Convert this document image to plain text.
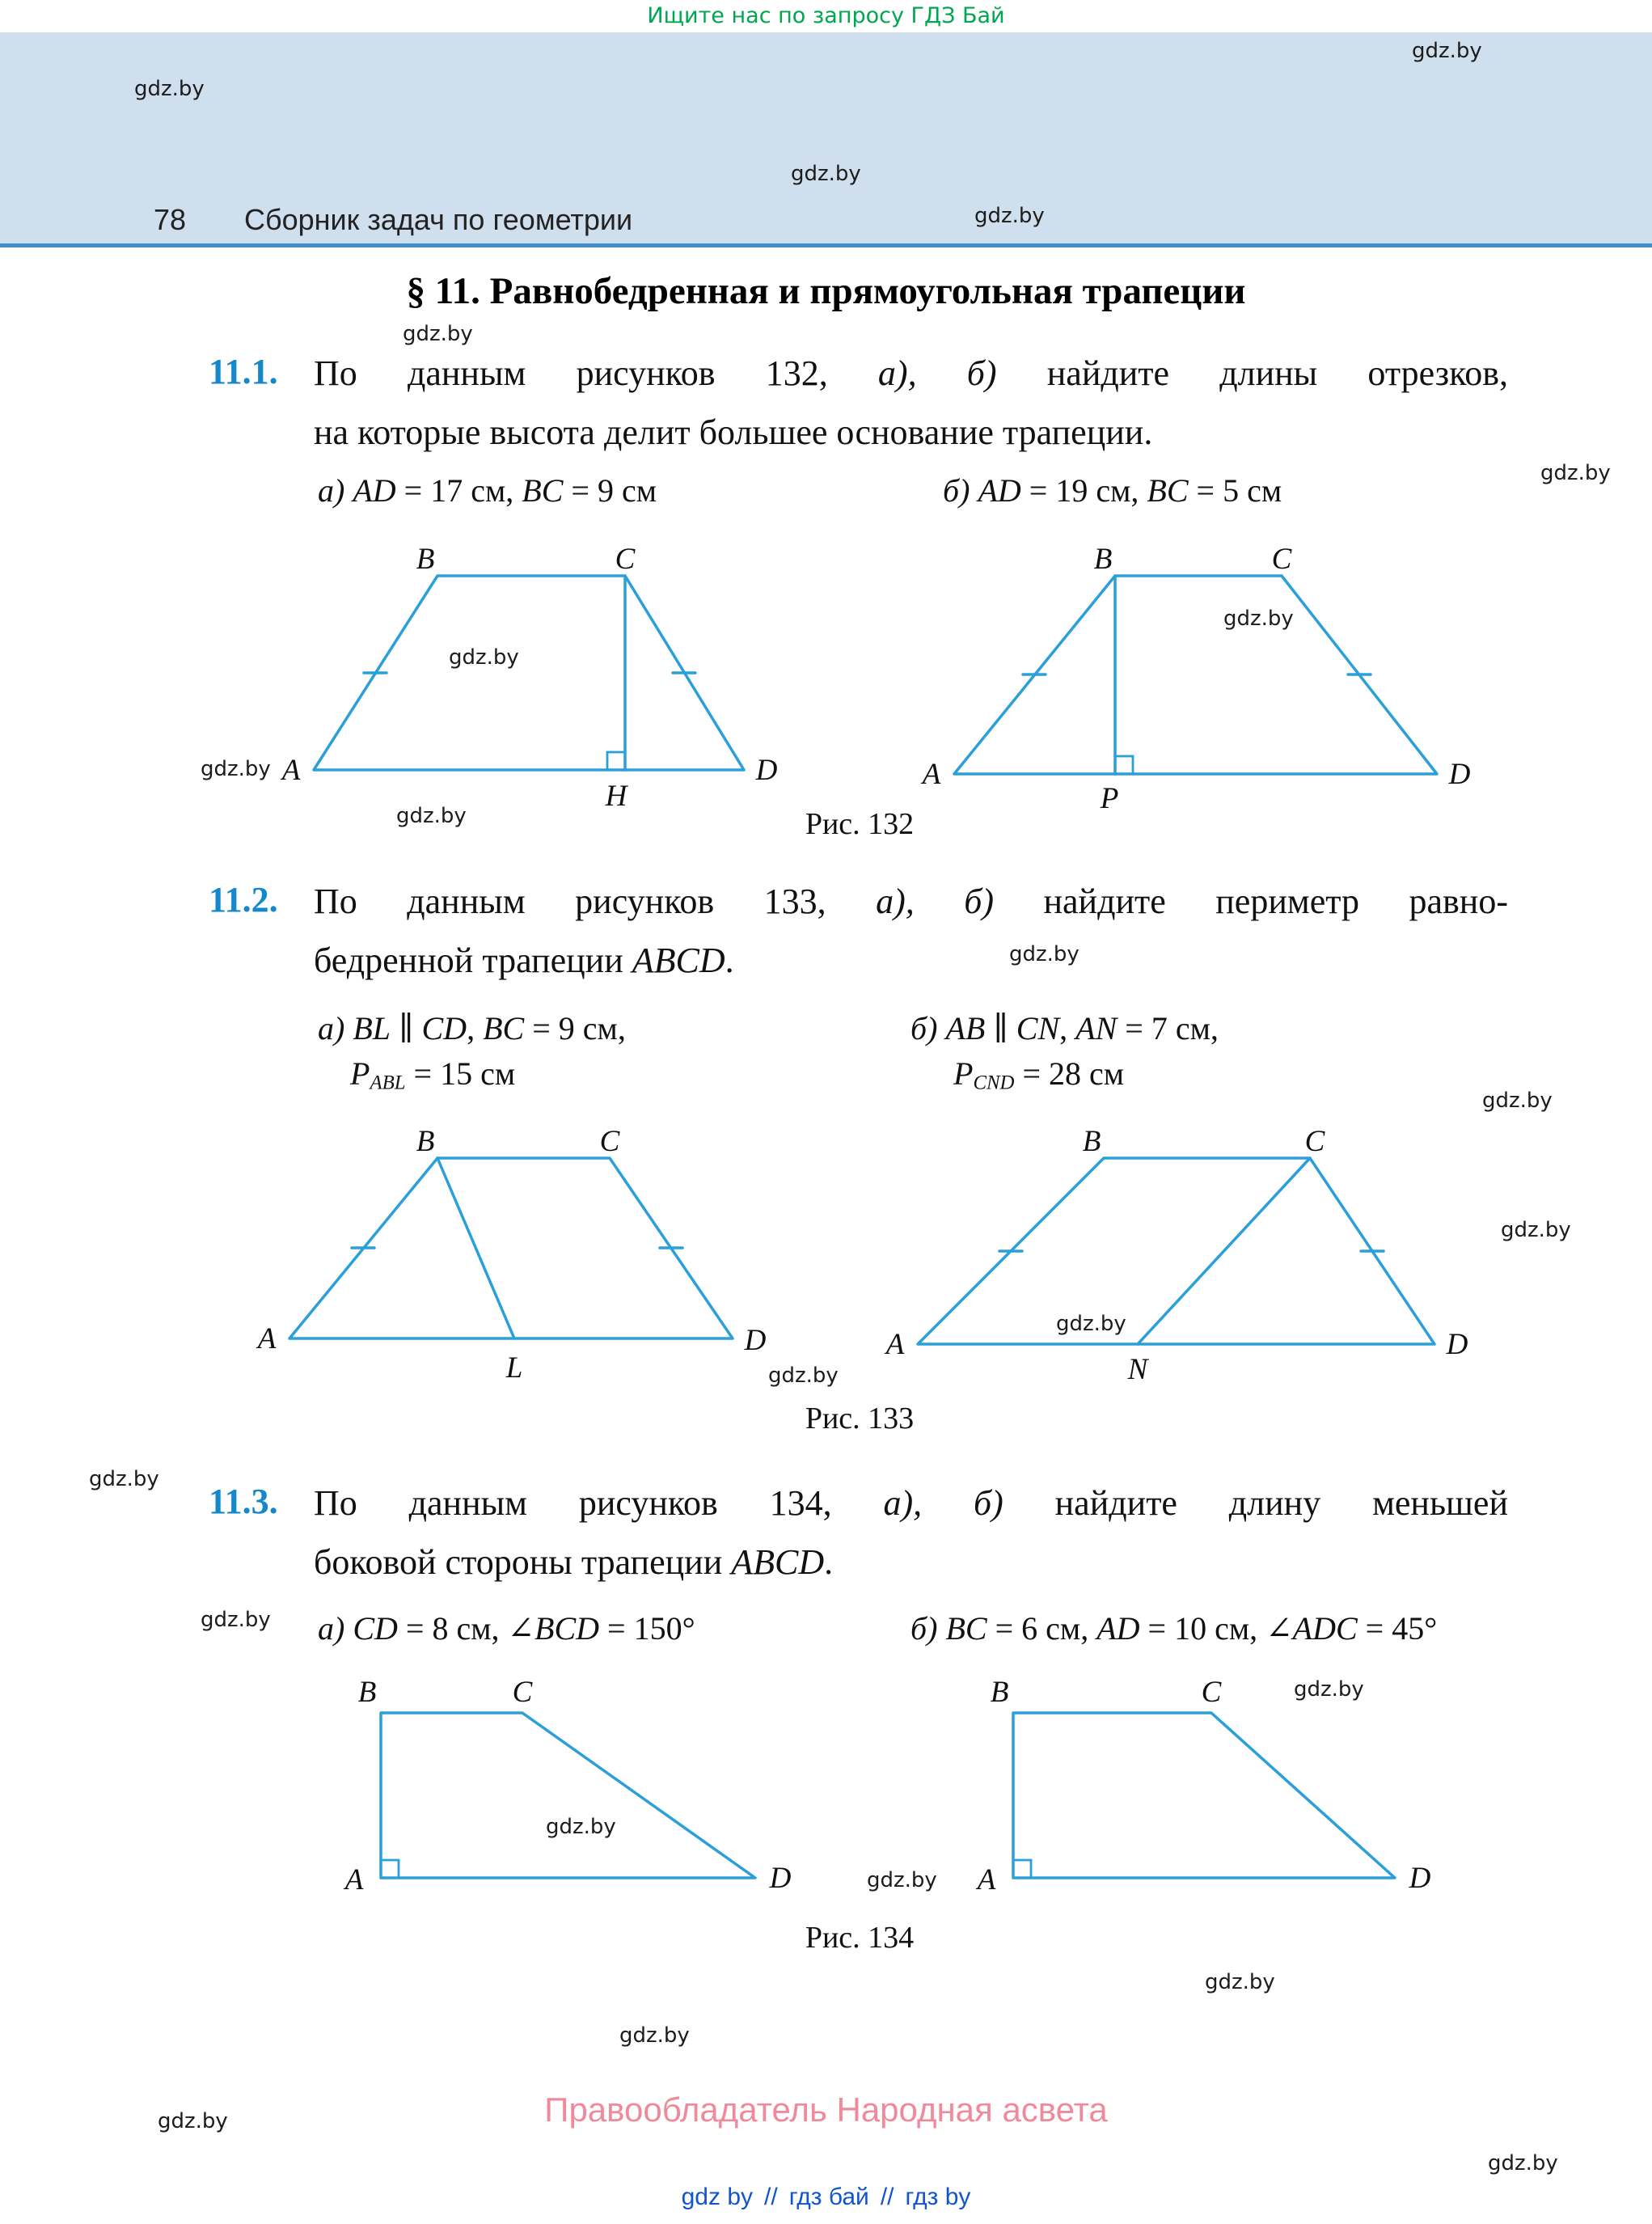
Ищите нас по запросу ГДЗ Бай
78 Сборник задач по геометрии
§ 11. Равнобедренная и прямоугольная трапеции
11.1. По данным рисунков 132, а), б) найдите длины отрезков,
на которые высота делит большее основание трапеции.
а) AD = 17 см, BC = 9 см	б) AD = 19 см, BC = 5 см
B	C
A	D
H
B	C
A	D
P
Рис. 132
11.2. По данным рисунков 133, а), б) найдите периметр равно-
бедренной трапеции ABCD.
а) BL ∥ CD, BC = 9 см,
$P_{ABL} = 15$ см
б) AB ∥ CN, AN = 7 см,
$P_{CND} = 28$ см
B	C
A	D
L
B	C
A	D
N
Рис. 133
11.3. По данным рисунков 134, а), б) найдите длину меньшей
боковой стороны трапеции ABCD.
а) CD = 8 см, ∠BCD = 150°	б) BC = 6 см, AD = 10 см, ∠ADC = 45°
B	C
A	D
B	C
A	D
Рис. 134
Правообладатель Народная асвета
gdz by // гдз бай // гдз by
gdz.by
gdz.by
gdz.by
gdz.by
gdz.by
gdz.by
gdz.by
gdz.by
gdz.by
gdz.by
gdz.by
gdz.by
gdz.by
gdz.by
gdz.by
gdz.by
gdz.by
gdz.by
gdz.by
gdz.by
gdz.by
gdz.by
gdz.by
gdz.by
